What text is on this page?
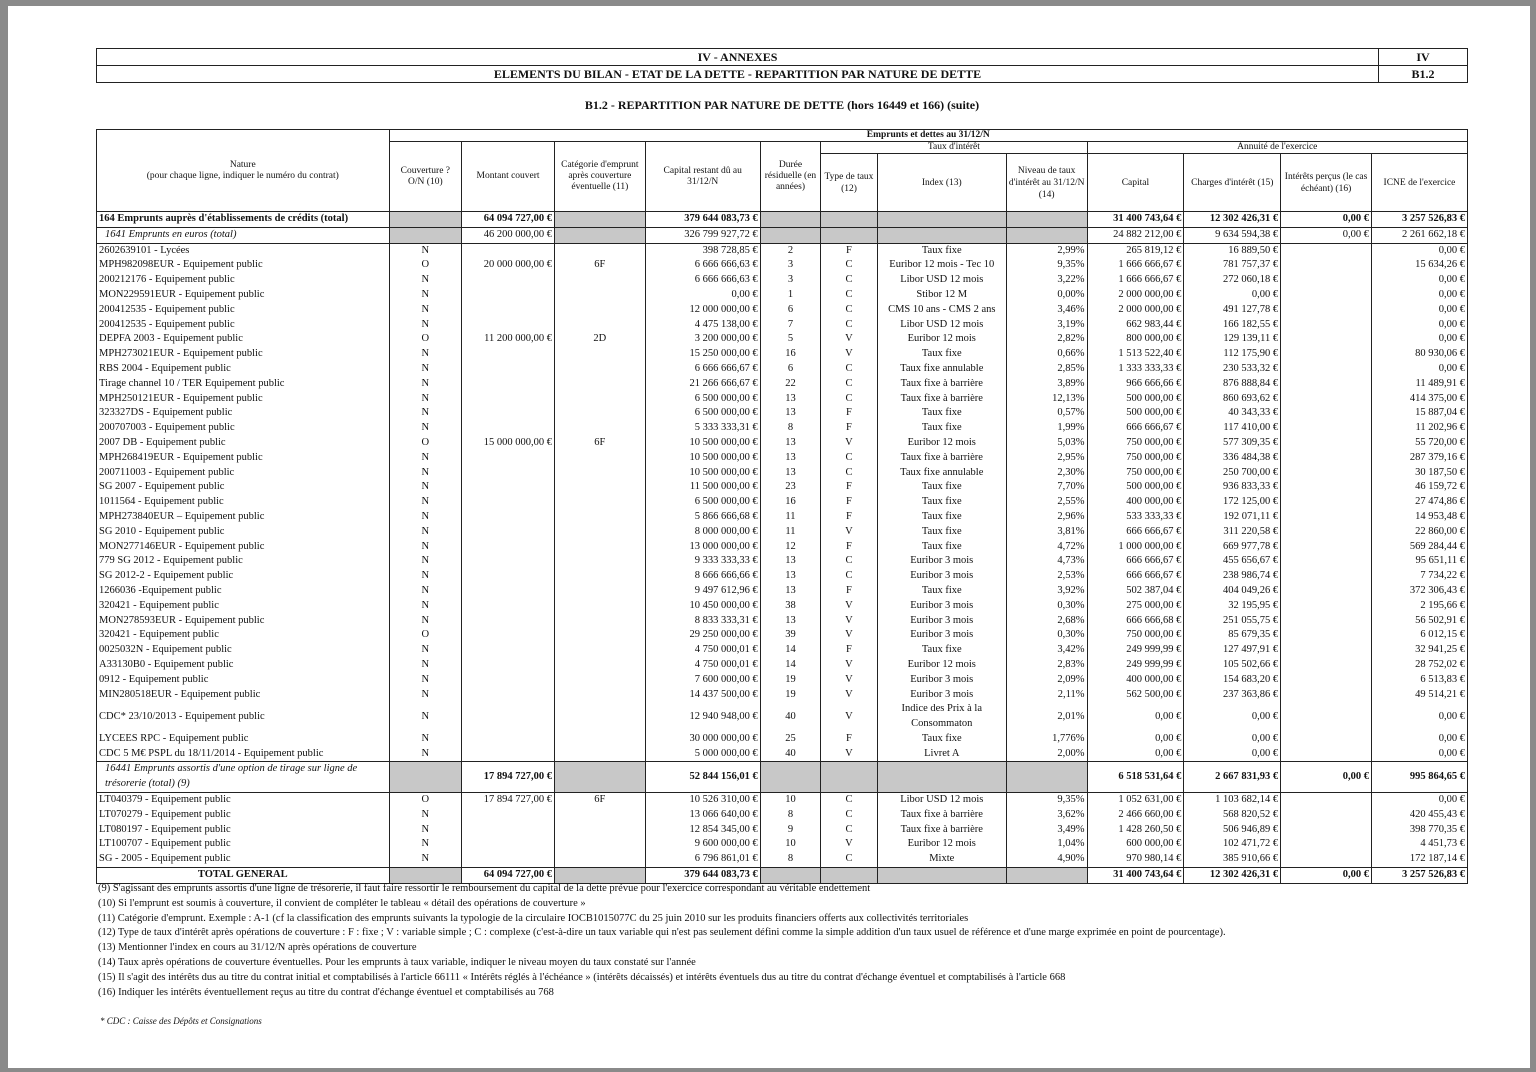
IV - ANNEXES	IV
ELEMENTS DU BILAN - ETAT DE LA DETTE - REPARTITION PAR NATURE DE DETTE	B1.2
B1.2 - REPARTITION PAR NATURE DE DETTE (hors 16449 et 166) (suite)
Nature
(pour chaque ligne, indiquer le numéro du contrat)	Emprunts et dettes au 31/12/N											
	Couverture ? O/N (10)	Montant couvert	Catégorie d'emprunt après couverture éventuelle (11)	Capital restant dû au 31/12/N	Durée résiduelle (en années)	Taux d'intérêt			Annuité de l'exercice			
						Type de taux (12)	Index (13)	Niveau de taux d'intérêt au 31/12/N (14)	Capital	Charges d'intérêt (15)	Intérêts perçus (le cas échéant) (16)	ICNE de l'exercice
164 Emprunts auprès d'établissements de crédits (total)		64 094 727,00 €		379 644 083,73 €					31 400 743,64 €	12 302 426,31 €	0,00 €	3 257 526,83 €
1641 Emprunts en euros (total)		46 200 000,00 €		326 799 927,72 €					24 882 212,00 €	9 634 594,38 €	0,00 €	2 261 662,18 €
2602639101 - Lycées	N			398 728,85 €	2	F	Taux fixe	2,99%	265 819,12 €	16 889,50 €		0,00 €
MPH982098EUR - Equipement public	O	20 000 000,00 €	6F	6 666 666,63 €	3	C	Euribor 12 mois - Tec 10	9,35%	1 666 666,67 €	781 757,37 €		15 634,26 €
200212176 - Equipement public	N			6 666 666,63 €	3	C	Libor USD 12 mois	3,22%	1 666 666,67 €	272 060,18 €		0,00 €
MON229591EUR - Equipement public	N			0,00 €	1	C	Stibor 12 M	0,00%	2 000 000,00 €	0,00 €		0,00 €
200412535 - Equipement public	N			12 000 000,00 €	6	C	CMS 10 ans - CMS 2 ans	3,46%	2 000 000,00 €	491 127,78 €		0,00 €
200412535 - Equipement public	N			4 475 138,00 €	7	C	Libor USD 12 mois	3,19%	662 983,44 €	166 182,55 €		0,00 €
DEPFA 2003 - Equipement public	O	11 200 000,00 €	2D	3 200 000,00 €	5	V	Euribor 12 mois	2,82%	800 000,00 €	129 139,11 €		0,00 €
MPH273021EUR - Equipement public	N			15 250 000,00 €	16	V	Taux fixe	0,66%	1 513 522,40 €	112 175,90 €		80 930,06 €
RBS 2004 - Equipement public	N			6 666 666,67 €	6	C	Taux fixe annulable	2,85%	1 333 333,33 €	230 533,32 €		0,00 €
Tirage channel 10 / TER Equipement public	N			21 266 666,67 €	22	C	Taux fixe à barrière	3,89%	966 666,66 €	876 888,84 €		11 489,91 €
MPH250121EUR - Equipement public	N			6 500 000,00 €	13	C	Taux fixe à barrière	12,13%	500 000,00 €	860 693,62 €		414 375,00 €
323327DS - Equipement public	N			6 500 000,00 €	13	F	Taux fixe	0,57%	500 000,00 €	40 343,33 €		15 887,04 €
200707003 - Equipement public	N			5 333 333,31 €	8	F	Taux fixe	1,99%	666 666,67 €	117 410,00 €		11 202,96 €
2007 DB - Equipement public	O	15 000 000,00 €	6F	10 500 000,00 €	13	V	Euribor 12 mois	5,03%	750 000,00 €	577 309,35 €		55 720,00 €
MPH268419EUR - Equipement public	N			10 500 000,00 €	13	C	Taux fixe à barrière	2,95%	750 000,00 €	336 484,38 €		287 379,16 €
200711003 - Equipement public	N			10 500 000,00 €	13	C	Taux fixe annulable	2,30%	750 000,00 €	250 700,00 €		30 187,50 €
SG 2007 - Equipement public	N			11 500 000,00 €	23	F	Taux fixe	7,70%	500 000,00 €	936 833,33 €		46 159,72 €
1011564 - Equipement public	N			6 500 000,00 €	16	F	Taux fixe	2,55%	400 000,00 €	172 125,00 €		27 474,86 €
MPH273840EUR – Equipement public	N			5 866 666,68 €	11	F	Taux fixe	2,96%	533 333,33 €	192 071,11 €		14 953,48 €
SG 2010 - Equipement public	N			8 000 000,00 €	11	V	Taux fixe	3,81%	666 666,67 €	311 220,58 €		22 860,00 €
MON277146EUR - Equipement public	N			13 000 000,00 €	12	F	Taux fixe	4,72%	1 000 000,00 €	669 977,78 €		569 284,44 €
779 SG 2012 - Equipement public	N			9 333 333,33 €	13	C	Euribor 3 mois	4,73%	666 666,67 €	455 656,67 €		95 651,11 €
SG 2012-2 - Equipement public	N			8 666 666,66 €	13	C	Euribor 3 mois	2,53%	666 666,67 €	238 986,74 €		7 734,22 €
1266036 -Equipement public	N			9 497 612,96 €	13	F	Taux fixe	3,92%	502 387,04 €	404 049,26 €		372 306,43 €
320421 - Equipement public	N			10 450 000,00 €	38	V	Euribor 3 mois	0,30%	275 000,00 €	32 195,95 €		2 195,66 €
MON278593EUR - Equipement public	N			8 833 333,31 €	13	V	Euribor 3 mois	2,68%	666 666,68 €	251 055,75 €		56 502,91 €
320421 - Equipement public	O			29 250 000,00 €	39	V	Euribor 3 mois	0,30%	750 000,00 €	85 679,35 €		6 012,15 €
0025032N - Equipement public	N			4 750 000,01 €	14	F	Taux fixe	3,42%	249 999,99 €	127 497,91 €		32 941,25 €
A33130B0 - Equipement public	N			4 750 000,01 €	14	V	Euribor 12 mois	2,83%	249 999,99 €	105 502,66 €		28 752,02 €
0912 - Equipement public	N			7 600 000,00 €	19	V	Euribor 3 mois	2,09%	400 000,00 €	154 683,20 €		6 513,83 €
MIN280518EUR - Equipement public	N			14 437 500,00 €	19	V	Euribor 3 mois	2,11%	562 500,00 €	237 363,86 €		49 514,21 €
CDC* 23/10/2013 - Equipement public	N			12 940 948,00 €	40	V	Indice des Prix à la Consommaton	2,01%	0,00 €	0,00 €		0,00 €
LYCEES RPC - Equipement public	N			30 000 000,00 €	25	F	Taux fixe	1,776%	0,00 €	0,00 €		0,00 €
CDC 5 M€ PSPL du 18/11/2014 - Equipement public	N			5 000 000,00 €	40	V	Livret A	2,00%	0,00 €	0,00 €		0,00 €
16441 Emprunts assortis d'une option de tirage sur ligne de trésorerie (total) (9)		17 894 727,00 €		52 844 156,01 €					6 518 531,64 €	2 667 831,93 €	0,00 €	995 864,65 €
LT040379 - Equipement public	O	17 894 727,00 €	6F	10 526 310,00 €	10	C	Libor USD 12 mois	9,35%	1 052 631,00 €	1 103 682,14 €		0,00 €
LT070279 - Equipement public	N			13 066 640,00 €	8	C	Taux fixe à barrière	3,62%	2 466 660,00 €	568 820,52 €		420 455,43 €
LT080197 - Equipement public	N			12 854 345,00 €	9	C	Taux fixe à barrière	3,49%	1 428 260,50 €	506 946,89 €		398 770,35 €
LT100707 - Equipement public	N			9 600 000,00 €	10	V	Euribor 12 mois	1,04%	600 000,00 €	102 471,72 €		4 451,73 €
SG - 2005 - Equipement public	N			6 796 861,01 €	8	C	Mixte	4,90%	970 980,14 €	385 910,66 €		172 187,14 €
TOTAL GENERAL		64 094 727,00 €		379 644 083,73 €					31 400 743,64 €	12 302 426,31 €	0,00 €	3 257 526,83 €
(9) S'agissant des emprunts assortis d'une ligne de trésorerie, il faut faire ressortir le remboursement du capital de la dette prévue pour l'exercice correspondant au véritable endettement
(10) Si l'emprunt est soumis à couverture, il convient de compléter le tableau « détail des opérations de couverture »
(11) Catégorie d'emprunt. Exemple : A-1 (cf la classification des emprunts suivants la typologie de la circulaire IOCB1015077C du 25 juin 2010 sur les produits financiers offerts aux collectivités territoriales
(12) Type de taux d'intérêt après opérations de couverture : F : fixe ; V : variable simple ; C : complexe (c'est-à-dire un taux variable qui n'est pas seulement défini comme la simple addition d'un taux usuel de référence et d'une marge exprimée en point de pourcentage).
(13) Mentionner l'index en cours au 31/12/N après opérations de couverture
(14) Taux après opérations de couverture éventuelles. Pour les emprunts à taux variable, indiquer le niveau moyen du taux constaté sur l'année
(15) Il s'agit des intérêts dus au titre du contrat initial et comptabilisés à l'article 66111 « Intérêts réglés à l'échéance » (intérêts décaissés) et intérêts éventuels dus au titre du contrat d'échange éventuel et comptabilisés à l'article 668
(16) Indiquer les intérêts éventuellement reçus au titre du contrat d'échange éventuel et comptabilisés au 768
* CDC : Caisse des Dépôts et Consignations
